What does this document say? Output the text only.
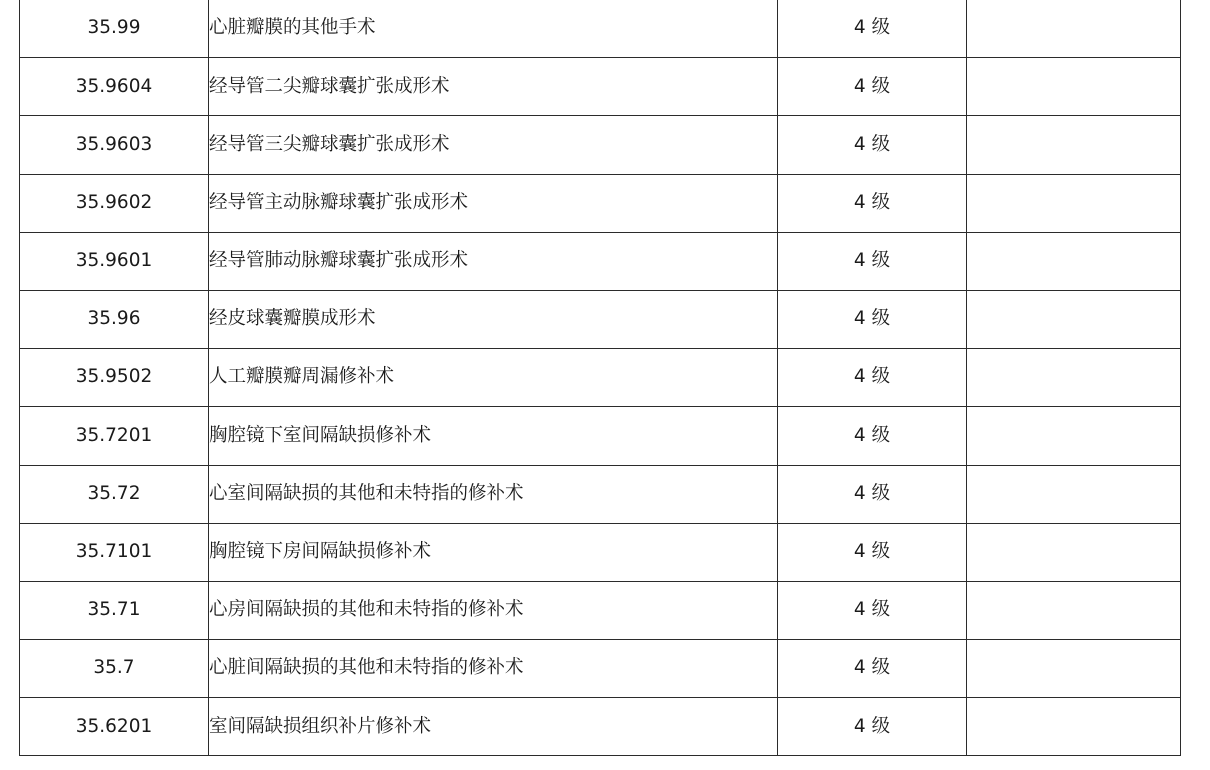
35.99	心脏瓣膜的其他手术	4 级	
35.9604	经导管二尖瓣球囊扩张成形术	4 级	
35.9603	经导管三尖瓣球囊扩张成形术	4 级	
35.9602	经导管主动脉瓣球囊扩张成形术	4 级	
35.9601	经导管肺动脉瓣球囊扩张成形术	4 级	
35.96	经皮球囊瓣膜成形术	4 级	
35.9502	人工瓣膜瓣周漏修补术	4 级	
35.7201	胸腔镜下室间隔缺损修补术	4 级	
35.72	心室间隔缺损的其他和未特指的修补术	4 级	
35.7101	胸腔镜下房间隔缺损修补术	4 级	
35.71	心房间隔缺损的其他和未特指的修补术	4 级	
35.7	心脏间隔缺损的其他和未特指的修补术	4 级	
35.6201	室间隔缺损组织补片修补术	4 级	
